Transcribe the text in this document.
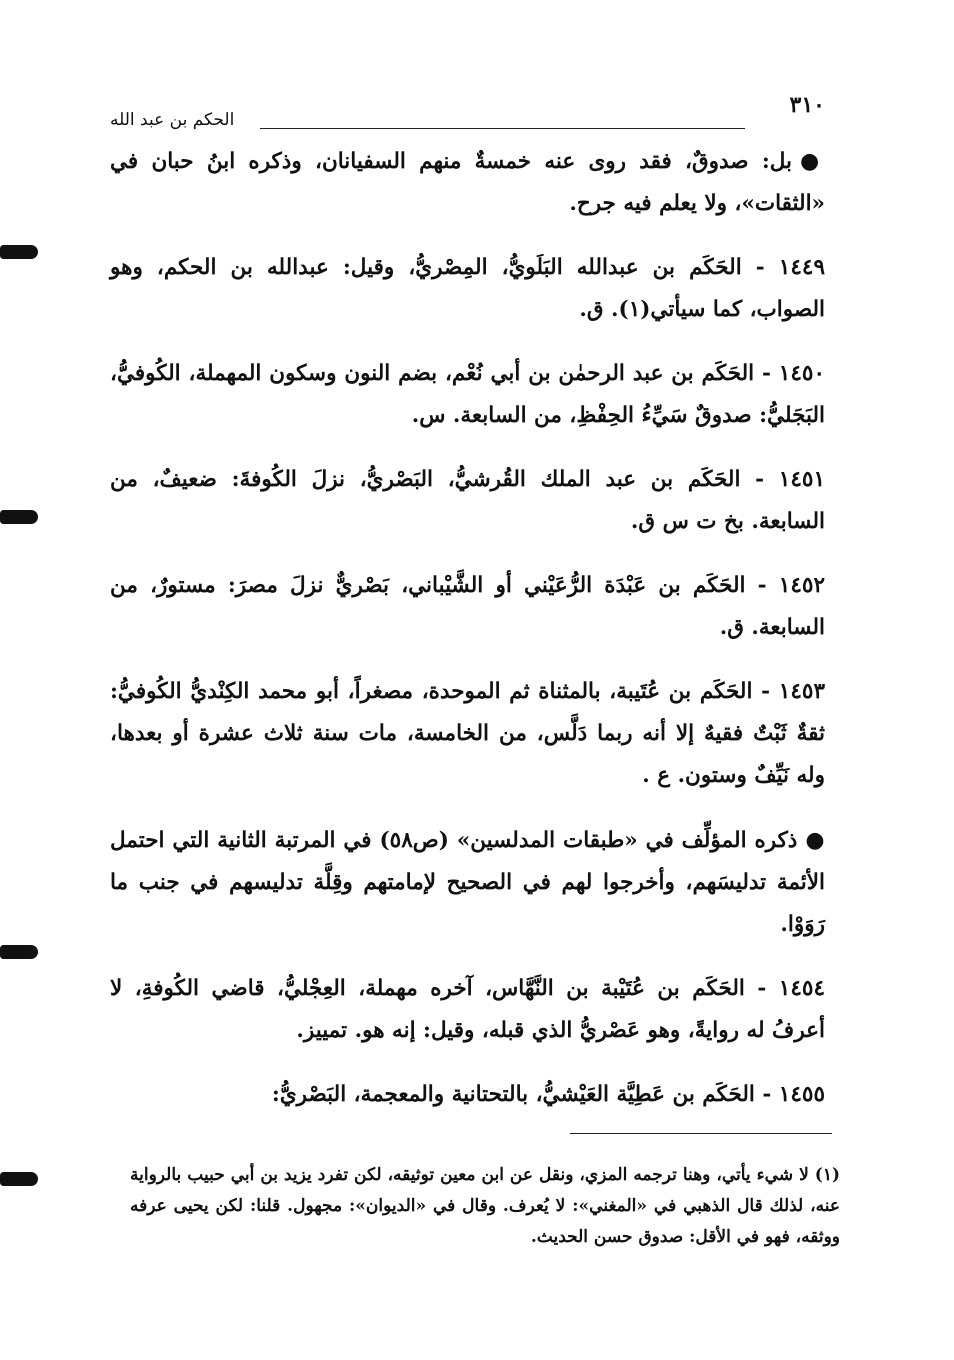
٣١٠
الحكم بن عبد الله

●بل: صدوقٌ، فقد روى عنه خمسةٌ منهم السفيانان، وذكره ابنُ حبان في «الثقات»، ولا يعلم فيه جرح.

١٤٤٩ - الحَكَم بن عبدالله البَلَويُّ، المِصْريُّ، وقيل: عبدالله بن الحكم، وهو الصواب، كما سيأتي(١). ق.

١٤٥٠ - الحَكَم بن عبد الرحمٰن بن أبي نُعْم، بضم النون وسكون المهملة، الكُوفيُّ، البَجَليُّ: صدوقٌ سَيِّءُ الحِفْظِ، من السابعة. س.

١٤٥١ - الحَكَم بن عبد الملك القُرشيُّ، البَصْريُّ، نزلَ الكُوفةَ: ضعيفٌ، من السابعة. بخ ت س ق.

١٤٥٢ - الحَكَم بن عَبْدَة الرُّعَيْني أو الشَّيْباني، بَصْريٌّ نزلَ مصرَ: مستورٌ، من السابعة. ق.

١٤٥٣ - الحَكَم بن عُتَيبة، بالمثناة ثم الموحدة، مصغراً، أبو محمد الكِنْديُّ الكُوفيُّ: ثقةٌ ثَبْتٌ فقيهٌ إلا أنه ربما دَلَّس، من الخامسة، مات سنة ثلاث عشرة أو بعدها، وله نَيِّفٌ وستون. ع .

●ذكره المؤلِّف في «طبقات المدلسين» (ص٥٨) في المرتبة الثانية التي احتمل الأئمة تدليسَهم، وأخرجوا لهم في الصحيح لإمامتهم وقِلَّة تدليسهم في جنب ما رَوَوْا.

١٤٥٤ - الحَكَم بن عُتَيْبة بن النَّهَّاس، آخره مهملة، العِجْليُّ، قاضي الكُوفةِ، لا أعرفُ له روايةً، وهو عَصْريُّ الذي قبله، وقيل: إنه هو. تمييز.

١٤٥٥ - الحَكَم بن عَطِيَّة العَيْشيُّ، بالتحتانية والمعجمة، البَصْريُّ:

(١) لا شيء يأتي، وهنا ترجمه المزي، ونقل عن ابن معين توثيقه، لكن تفرد يزيد بن أبي حبيب بالرواية عنه، لذلك قال الذهبي في «المغني»: لا يُعرف. وقال في «الديوان»: مجهول. قلنا: لكن يحيى عرفه ووثقه، فهو في الأقل: صدوق حسن الحديث.
